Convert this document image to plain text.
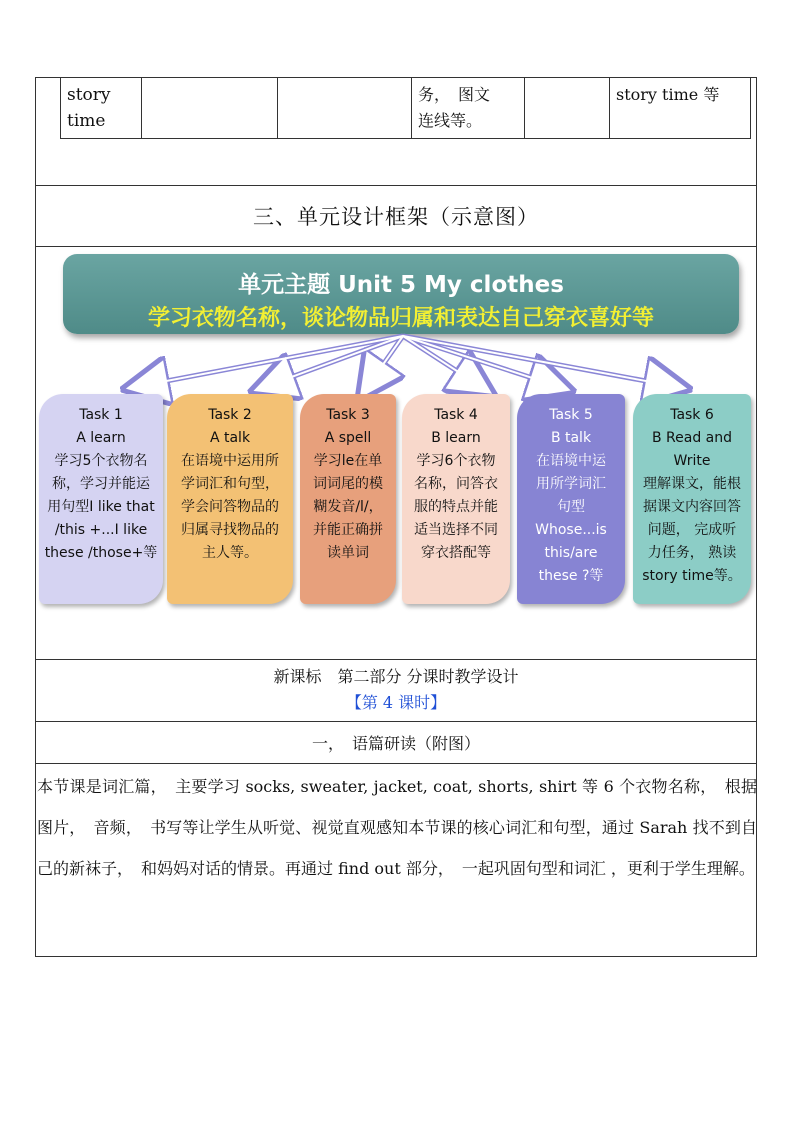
story
time			务，　图文
连线等。		story time 等
三、单元设计框架（示意图）
单元主题 Unit 5 My clothes
学习衣物名称，谈论物品归属和表达自己穿衣喜好等
Task 1
A learn
学习5个衣物名
称，学习并能运
用句型I like that
/this +...I like
these /those+等
Task 2
A talk
在语境中运用所
学词汇和句型，
学会问答物品的
归属寻找物品的
主人等。
Task 3
A spell
学习le在单
词词尾的模
糊发音/l/，
并能正确拼
读单词
Task 4
B learn
学习6个衣物
名称，问答衣
服的特点并能
适当选择不同
穿衣搭配等
Task 5
B talk
在语境中运
用所学词汇
句型
Whose...is
this/are
these ?等
Task 6
B Read and
Write
理解课文，能根
据课文内容回答
问题， 完成听
力任务， 熟读
story time等。
新课标　第二部分 分课时教学设计
【第 4 课时】
一，　语篇研读（附图）
本节课是词汇篇，　主要学习 socks, sweater, jacket, coat, shorts, shirt 等 6 个衣物名称，　根据图片，　音频，　书写等让学生从听觉、视觉直观感知本节课的核心词汇和句型，通过 Sarah 找不到自己的新袜子，　和妈妈对话的情景。再通过 find out 部分，　一起巩固句型和词汇 ，更利于学生理解。
